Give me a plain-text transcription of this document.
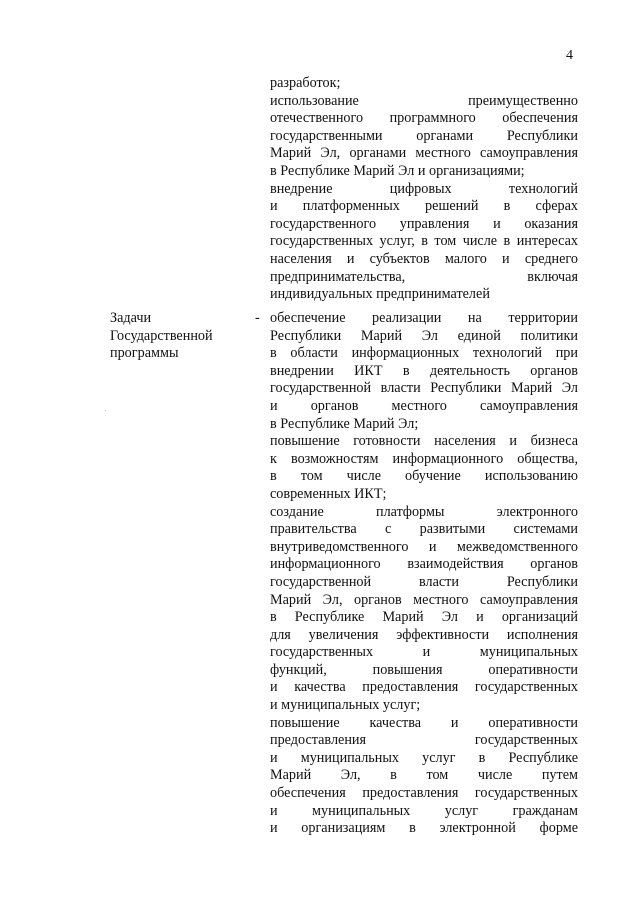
4
разработок;
использование преимущественно
отечественного программного обеспечения
государственными органами Республики
Марий Эл, органами местного самоуправления
в Республике Марий Эл и организациями;
внедрение цифровых технологий
и платформенных решений в сферах
государственного управления и оказания
государственных услуг, в том числе в интересах
населения и субъектов малого и среднего
предпринимательства, включая
индивидуальных предпринимателей
Задачи
Государственной
программы
- обеспечение реализации на территории
Республики Марий Эл единой политики
в области информационных технологий при
внедрении ИКТ в деятельность органов
государственной власти Республики Марий Эл
и органов местного самоуправления
в Республике Марий Эл;
повышение готовности населения и бизнеса
к возможностям информационного общества,
в том числе обучение использованию
современных ИКТ;
создание платформы электронного
правительства с развитыми системами
внутриведомственного и межведомственного
информационного взаимодействия органов
государственной власти Республики
Марий Эл, органов местного самоуправления
в Республике Марий Эл и организаций
для увеличения эффективности исполнения
государственных и муниципальных
функций, повышения оперативности
и качества предоставления государственных
и муниципальных услуг;
повышение качества и оперативности
предоставления государственных
и муниципальных услуг в Республике
Марий Эл, в том числе путем
обеспечения предоставления государственных
и муниципальных услуг гражданам
и организациям в электронной форме
